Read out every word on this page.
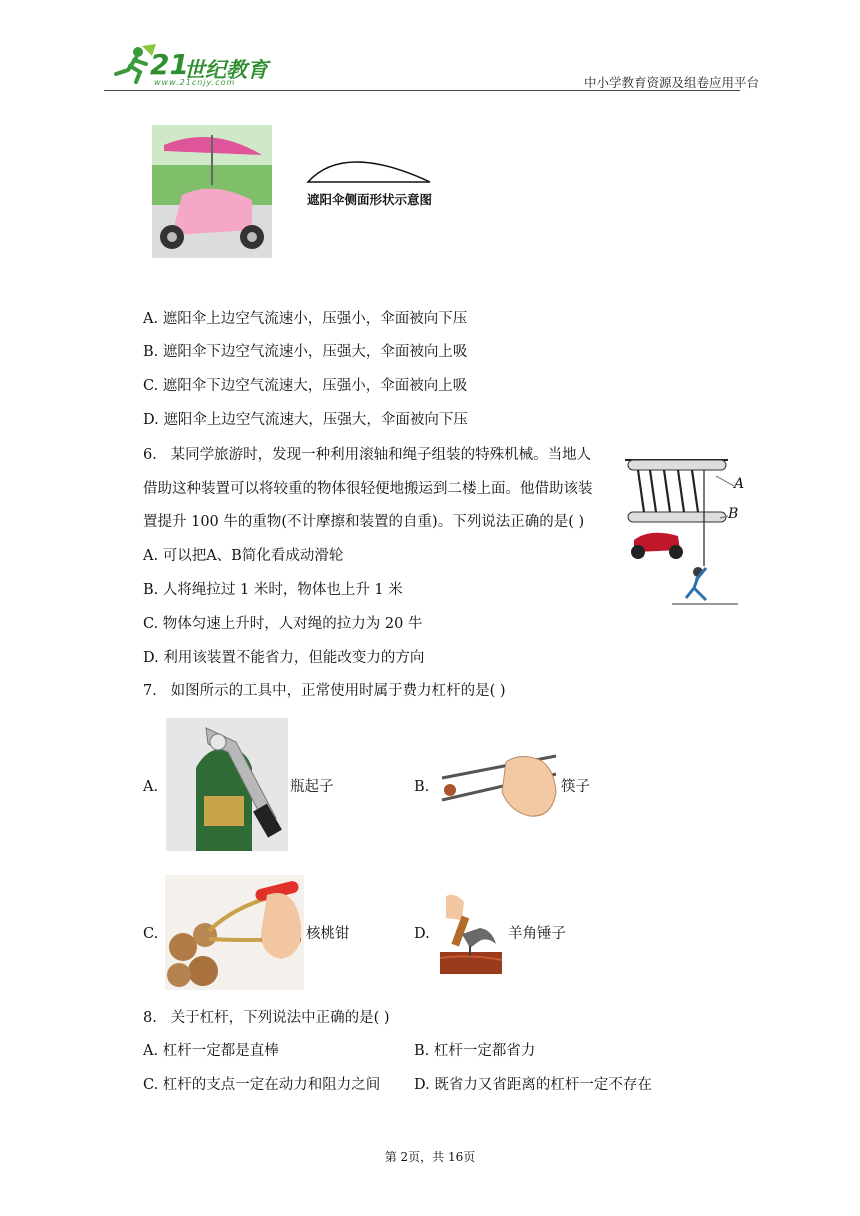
21
世纪教育
www.21cnjy.com	中小学教育资源及组卷应用平台
遮阳伞侧面形状示意图
A. 遮阳伞上边空气流速小，压强小，伞面被向下压
B. 遮阳伞下边空气流速小，压强大，伞面被向上吸
C. 遮阳伞下边空气流速大，压强小，伞面被向上吸
D. 遮阳伞上边空气流速大，压强大，伞面被向下压
6. 某同学旅游时，发现一种利用滚轴和绳子组装的特殊机械。当地人
借助这种装置可以将较重的物体很轻便地搬运到二楼上面。他借助该装
置提升 100 牛的重物(不计摩擦和装置的自重)。下列说法正确的是( )
A
B
A. 可以把A、B简化看成动滑轮
B. 人将绳拉过 1 米时，物体也上升 1 米
C. 物体匀速上升时，人对绳的拉力为 20 牛
D. 利用该装置不能省力，但能改变力的方向
7. 如图所示的工具中，正常使用时属于费力杠杆的是( )
A.	瓶起子	B.	筷子
C.	核桃钳	D.	羊角锤子
8. 关于杠杆，下列说法中正确的是( )
A. 杠杆一定都是直棒	B. 杠杆一定都省力
C. 杠杆的支点一定在动力和阻力之间 D. 既省力又省距离的杠杆一定不存在
第 2页，共 16页
